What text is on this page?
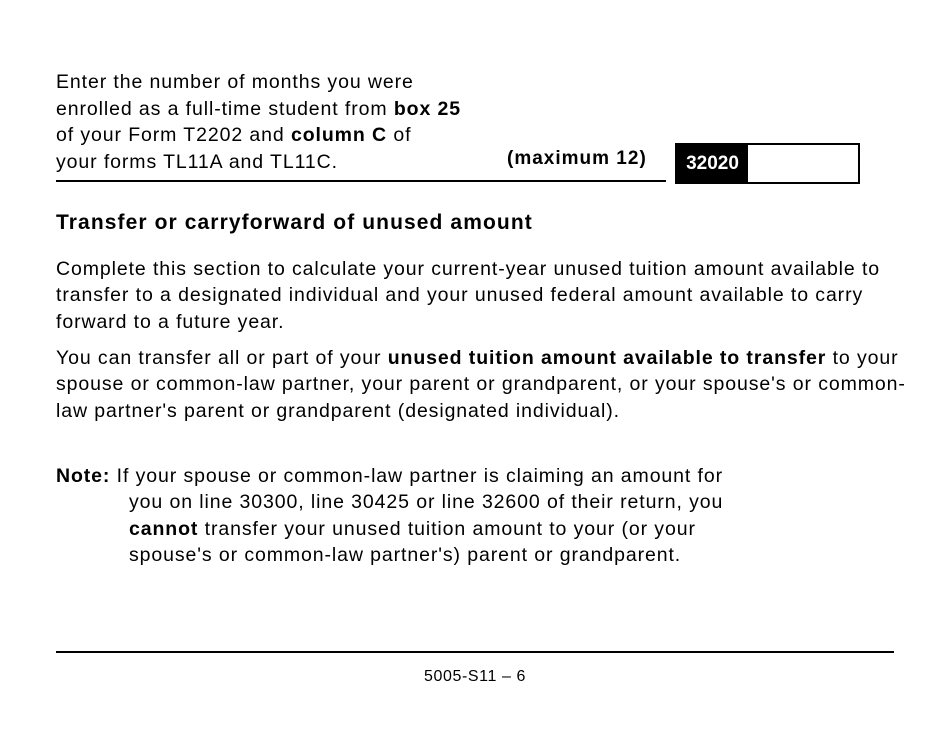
Enter the number of months you were
enrolled as a full-time student from box 25
of your Form T2202 and column C of
your forms TL11A and TL11C.	(maximum 12)	32020
Transfer or carryforward of unused amount

Complete this section to calculate your current-year unused tuition amount available to transfer to a designated individual and your unused federal amount available to carry forward to a future year.

You can transfer all or part of your unused tuition amount available to transfer to your spouse or common-law partner, your parent or grandparent, or your spouse's or common-law partner's parent or grandparent (designated individual).

Note: If your spouse or common-law partner is claiming an amount for
you on line 30300, line 30425 or line 32600 of their return, you
cannot transfer your unused tuition amount to your (or your
spouse's or common-law partner's) parent or grandparent.
5005-S11 – 6
